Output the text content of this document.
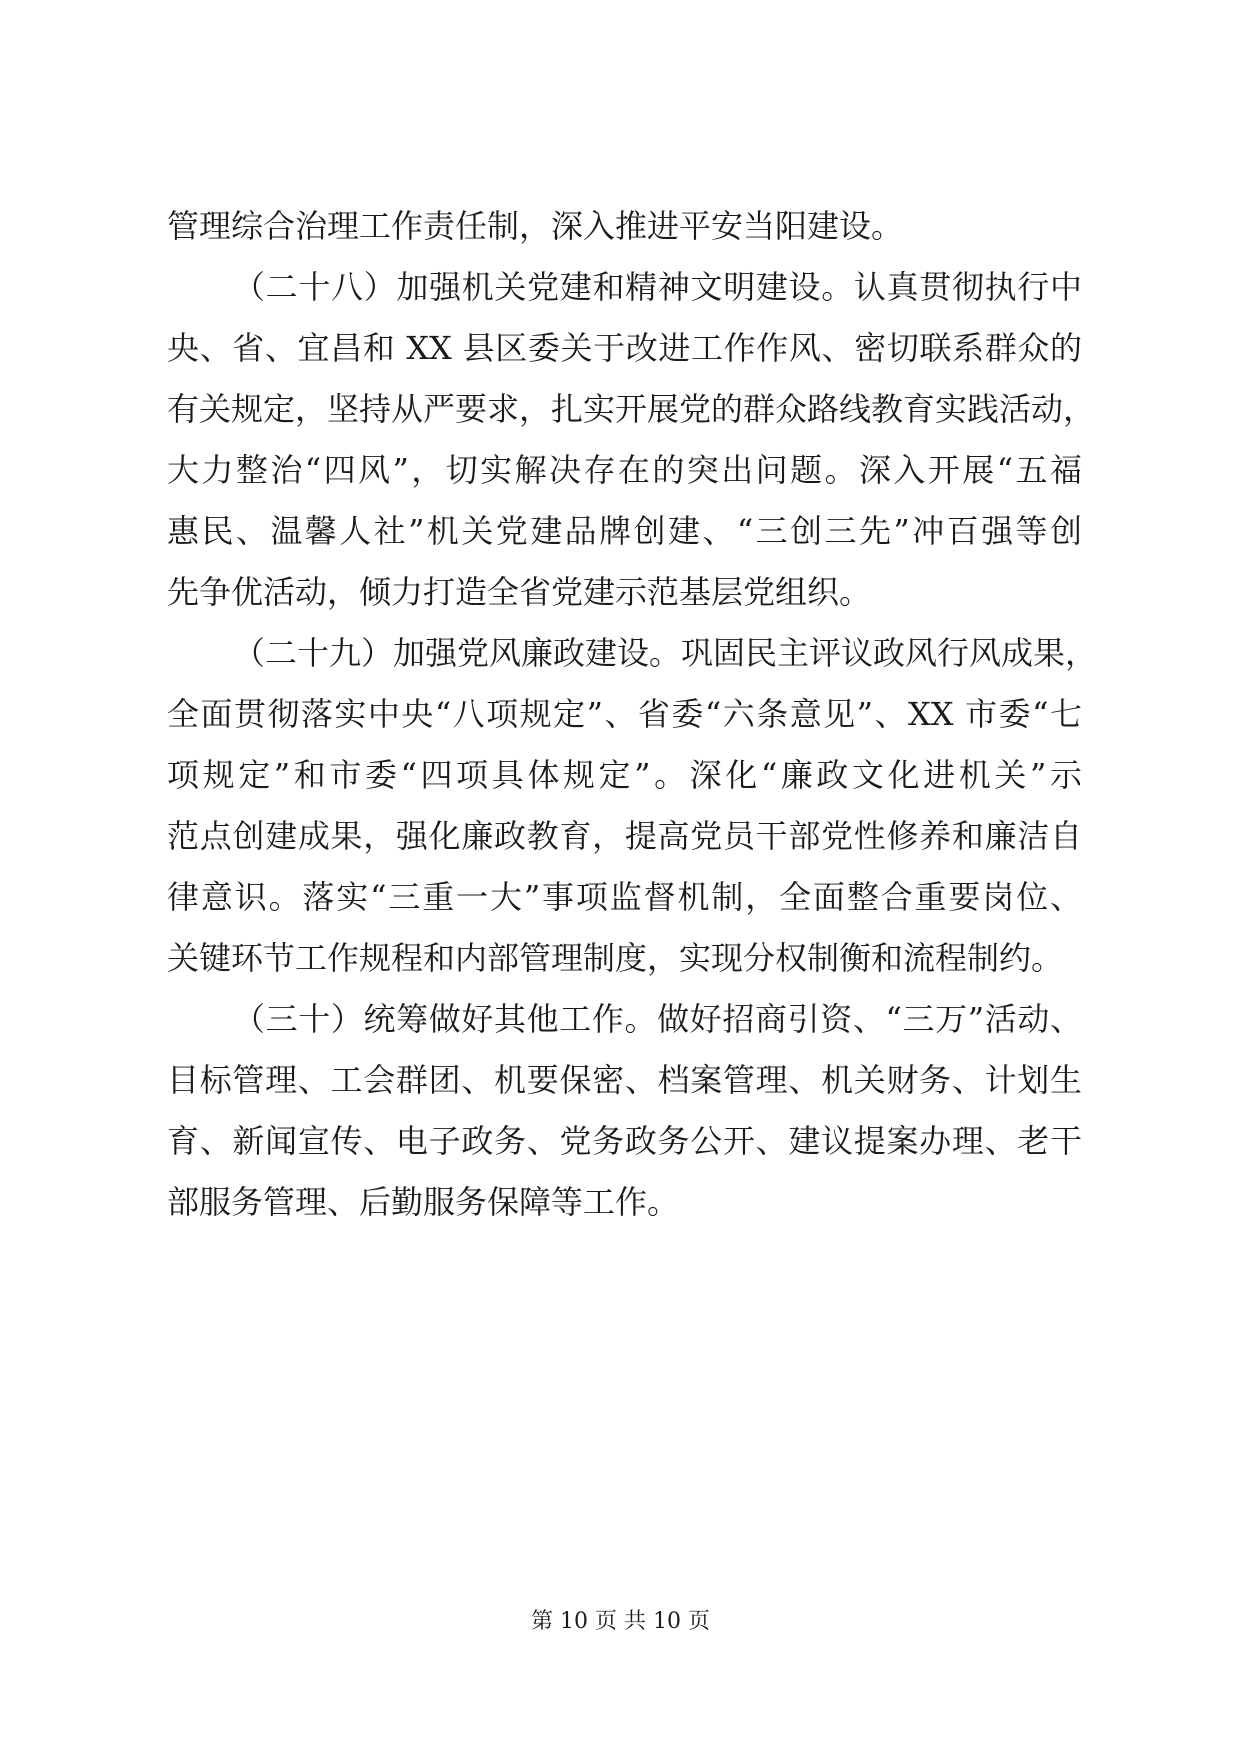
管理综合治理工作责任制，深入推进平安当阳建设。
（二十八）加强机关党建和精神文明建设。认真贯彻执行中
央、省、宜昌和 XX 县区委关于改进工作作风、密切联系群众的
有关规定，坚持从严要求，扎实开展党的群众路线教育实践活动，
大力整治“四风”，切实解决存在的突出问题。深入开展“五福
惠民、温馨人社”机关党建品牌创建、“三创三先”冲百强等创
先争优活动，倾力打造全省党建示范基层党组织。
（二十九）加强党风廉政建设。巩固民主评议政风行风成果，
全面贯彻落实中央“八项规定”、省委“六条意见”、XX 市委“七
项规定”和市委“四项具体规定”。深化“廉政文化进机关”示
范点创建成果，强化廉政教育，提高党员干部党性修养和廉洁自
律意识。落实“三重一大”事项监督机制，全面整合重要岗位、
关键环节工作规程和内部管理制度，实现分权制衡和流程制约。
（三十）统筹做好其他工作。做好招商引资、“三万”活动、
目标管理、工会群团、机要保密、档案管理、机关财务、计划生
育、新闻宣传、电子政务、党务政务公开、建议提案办理、老干
部服务管理、后勤服务保障等工作。
第 10 页 共 10 页
